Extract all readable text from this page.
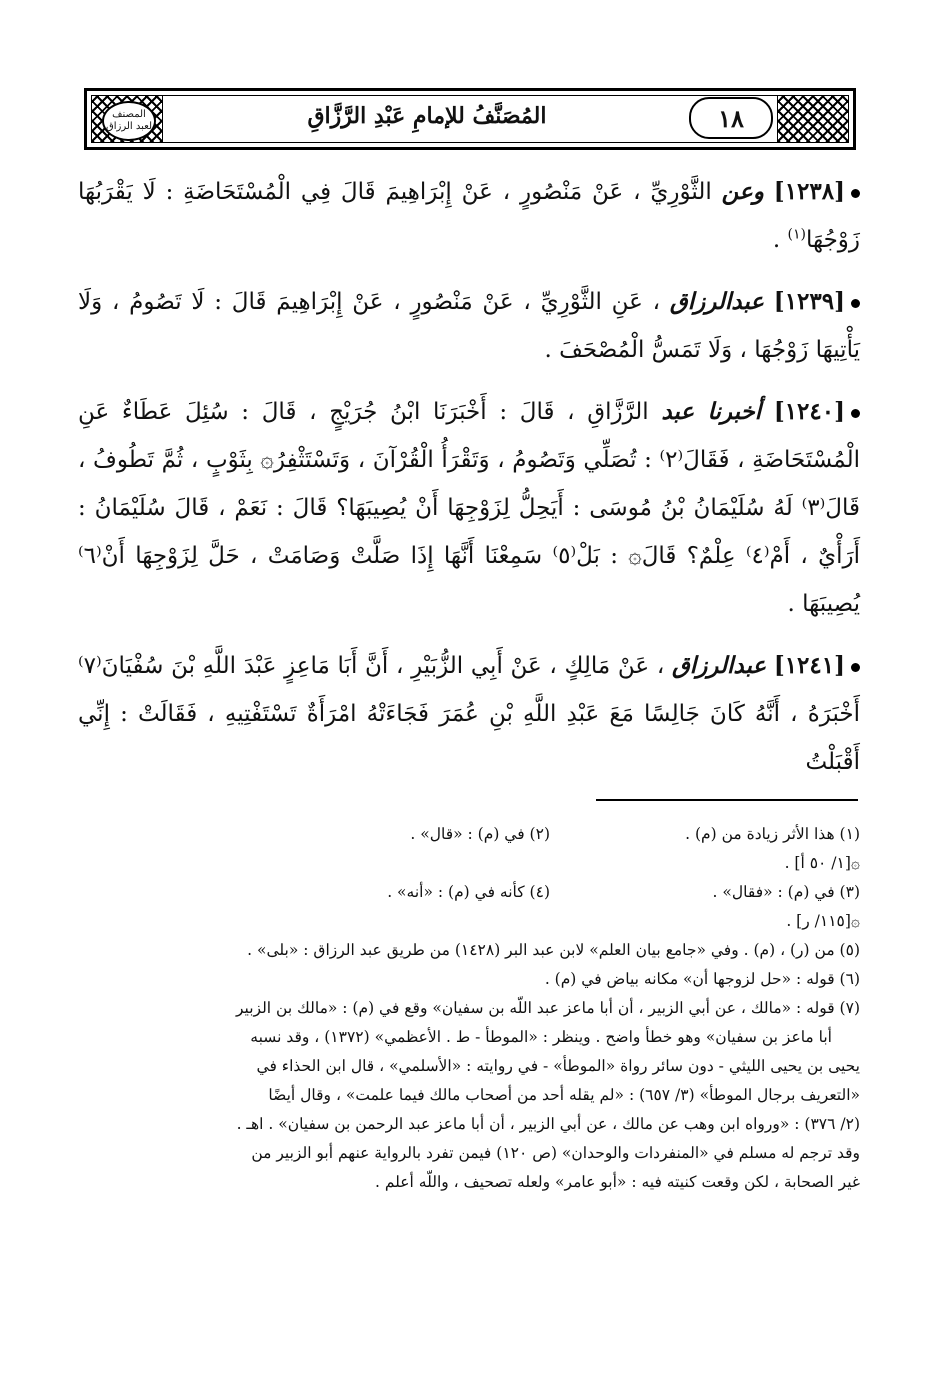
المصنف لعبد الرزاق	المُصَنَّفُ للإمامِ عَبْدِ الرَّزَّاقِ	١٨

[١٢٣٨] وعن الثَّوْرِيِّ ، عَنْ مَنْصُورٍ ، عَنْ إِبْرَاهِيمَ قَالَ فِي الْمُسْتَحَاضَةِ : لَا يَقْرَبُهَا زَوْجُهَا$^{(١)}$ .

[١٢٣٩] عبدالرزاق ، عَنِ الثَّوْرِيِّ ، عَنْ مَنْصُورٍ ، عَنْ إِبْرَاهِيمَ قَالَ : لَا تَصُومُ ، وَلَا يَأْتِيهَا زَوْجُهَا ، وَلَا تَمَسُّ الْمُصْحَفَ .

[١٢٤٠] أخبرنا عبد الرَّزَّاقِ ، قَالَ : أَخْبَرَنَا ابْنُ جُرَيْجٍ ، قَالَ : سُئِلَ عَطَاءٌ عَنِ الْمُسْتَحَاضَةِ ، فَقَالَ⁽٢⁾ : تُصَلِّي وَتَصُومُ ، وَتَقْرَأُ الْقُرْآنَ ، وَتَسْتَثْفِرُ۞ بِثَوْبٍ ، ثُمَّ تَطُوفُ ، قَالَ⁽٣⁾ لَهُ سُلَيْمَانُ بْنُ مُوسَى : أَيَحِلُّ لِزَوْجِهَا أَنْ يُصِيبَهَا؟ قَالَ : نَعَمْ ، قَالَ سُلَيْمَانُ : أَرَأْيٌ ، أَمْ⁽٤⁾ عِلْمٌ؟ قَالَ۞ : بَلْ⁽٥⁾ سَمِعْنَا أَنَّهَا إِذَا صَلَّتْ وَصَامَتْ ، حَلَّ لِزَوْجِهَا أَنْ⁽٦⁾ يُصِيبَهَا .

[١٢٤١] عبدالرزاق ، عَنْ مَالِكٍ ، عَنْ أَبِي الزُّبَيْرِ ، أَنَّ أَبَا مَاعِزٍ عَبْدَ اللَّهِ بْنَ سُفْيَانَ⁽٧⁾ أَخْبَرَهُ ، أَنَّهُ كَانَ جَالِسًا مَعَ عَبْدِ اللَّهِ بْنِ عُمَرَ فَجَاءَتْهُ امْرَأَةٌ تَسْتَفْتِيهِ ، فَقَالَتْ : إِنِّي أَقْبَلْتُ

(١) هذا الأثر زيادة من (م) .
(٢) في (م) : «قال» .
۞[١/ ٥٠ أ] .
(٣) في (م) : «فقال» .
(٤) كأنه في (م) : «أنه» .
۞[١١٥/ ر] .
(٥) من (ر) ، (م) . وفي «جامع بيان العلم» لابن عبد البر (١٤٢٨) من طريق عبد الرزاق : «بلى» .
(٦) قوله : «حل لزوجها أن» مكانه بياض في (م) .
(٧) قوله : «مالك ، عن أبي الزبير ، أن أبا ماعز عبد اللّه بن سفيان» وقع في (م) : «مالك بن الزبير
أبا ماعز بن سفيان» وهو خطأ واضح . وينظر : «الموطأ - ط . الأعظمي» (١٣٧٢) ، وقد نسبه
يحيى بن يحيى الليثي - دون سائر رواة «الموطأ» - في روايته : «الأسلمي» ، قال ابن الحذاء في
«التعريف برجال الموطأ» (٣/ ٦٥٧) : «لم يقله أحد من أصحاب مالك فيما علمت» ، وقال أيضًا
(٢/ ٣٧٦) : «ورواه ابن وهب عن مالك ، عن أبي الزبير ، أن أبا ماعز عبد الرحمن بن سفيان» . اهـ .
وقد ترجم له مسلم في «المنفردات والوحدان» (ص ١٢٠) فيمن تفرد بالرواية عنهم أبو الزبير من
غير الصحابة ، لكن وقعت كنيته فيه : «أبو عامر» ولعله تصحيف ، واللّه أعلم .
